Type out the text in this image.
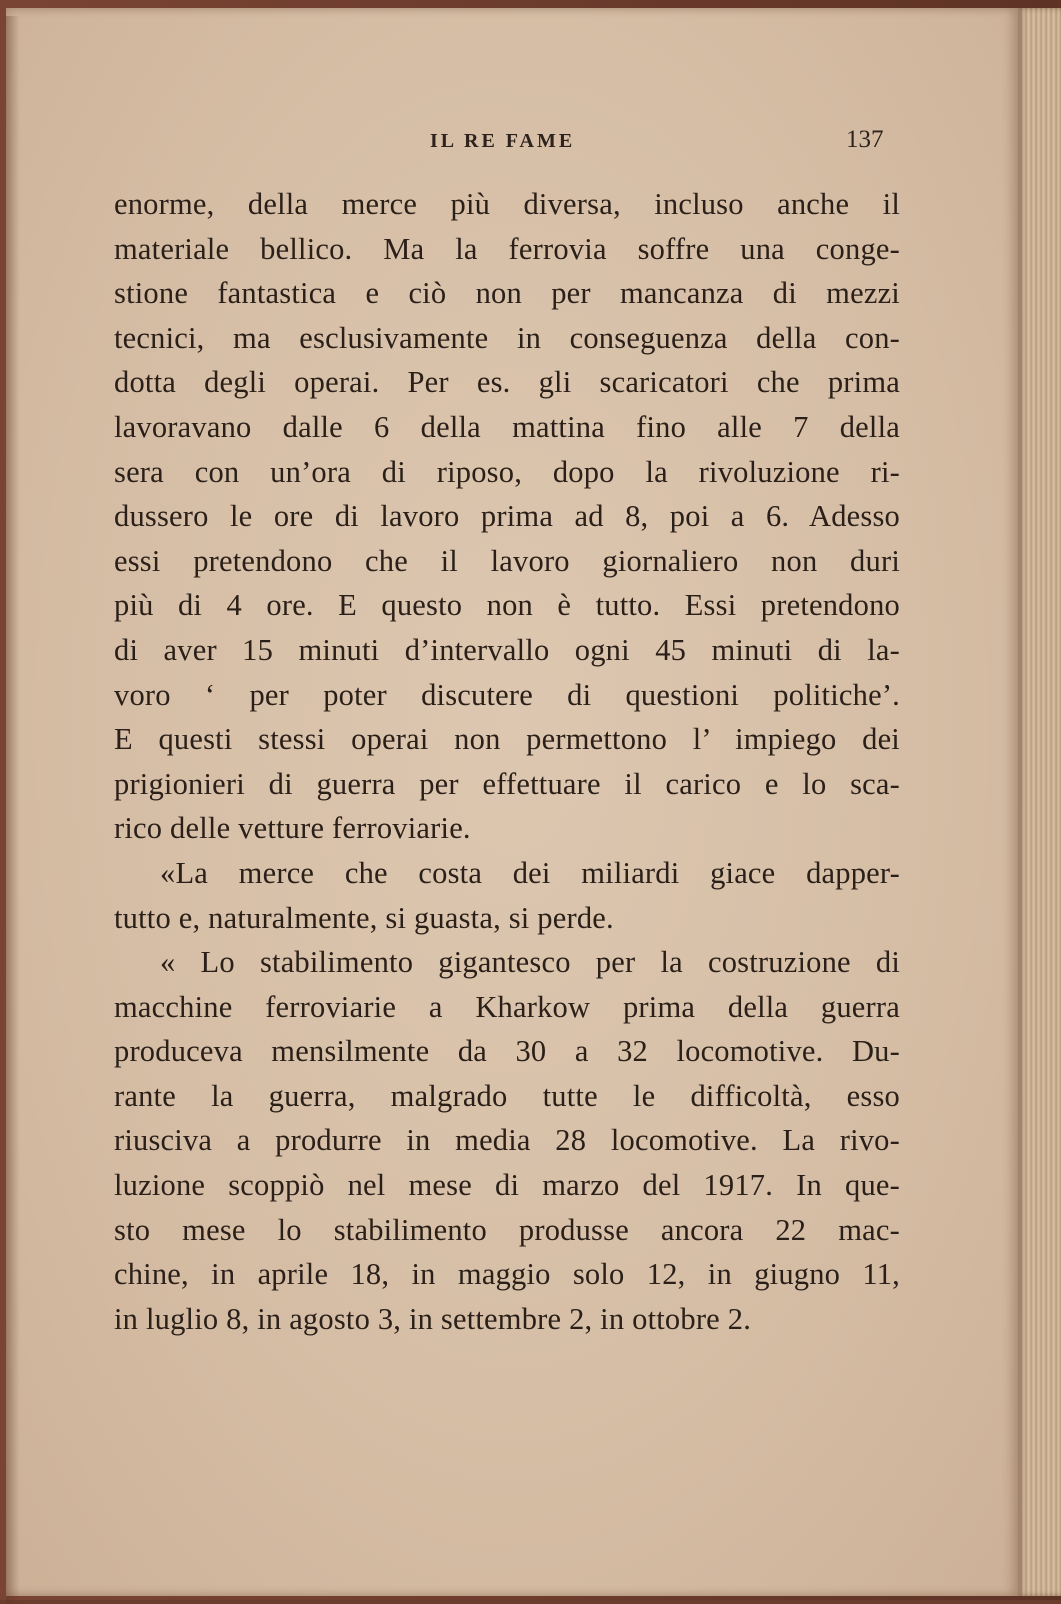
IL RE FAME	137
enorme, della merce più diversa, incluso anche il
materiale bellico. Ma la ferrovia soffre una conge-
stione fantastica e ciò non per mancanza di mezzi
tecnici, ma esclusivamente in conseguenza della con-
dotta degli operai. Per es. gli scaricatori che prima
lavoravano dalle 6 della mattina fino alle 7 della
sera con un’ora di riposo, dopo la rivoluzione ri-
dussero le ore di lavoro prima ad 8, poi a 6. Adesso
essi pretendono che il lavoro giornaliero non duri
più di 4 ore. E questo non è tutto. Essi pretendono
di aver 15 minuti d’intervallo ogni 45 minuti di la-
voro ‘ per poter discutere di questioni politiche’.
E questi stessi operai non permettono l’ impiego dei
prigionieri di guerra per effettuare il carico e lo sca-
rico delle vetture ferroviarie.
«La merce che costa dei miliardi giace dapper-
tutto e, naturalmente, si guasta, si perde.
« Lo stabilimento gigantesco per la costruzione di
macchine ferroviarie a Kharkow prima della guerra
produceva mensilmente da 30 a 32 locomotive. Du-
rante la guerra, malgrado tutte le difficoltà, esso
riusciva a produrre in media 28 locomotive. La rivo-
luzione scoppiò nel mese di marzo del 1917. In que-
sto mese lo stabilimento produsse ancora 22 mac-
chine, in aprile 18, in maggio solo 12, in giugno 11,
in luglio 8, in agosto 3, in settembre 2, in ottobre 2.
